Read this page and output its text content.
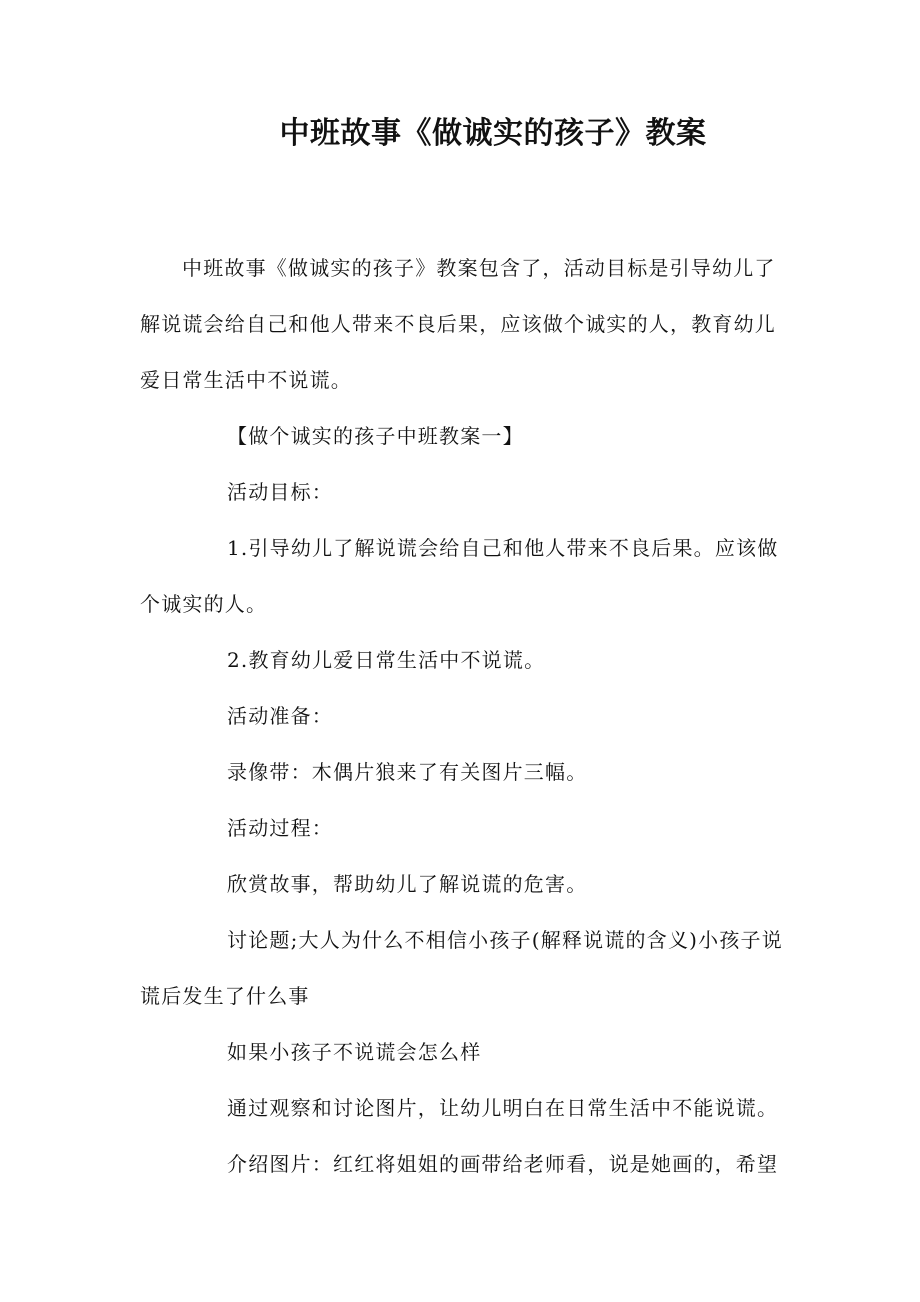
中班故事《做诚实的孩子》教案

中班故事《做诚实的孩子》教案包含了，活动目标是引导幼儿了解说谎会给自己和他人带来不良后果，应该做个诚实的人，教育幼儿爱日常生活中不说谎。

【做个诚实的孩子中班教案一】

活动目标：

1.引导幼儿了解说谎会给自己和他人带来不良后果。应该做个诚实的人。

2.教育幼儿爱日常生活中不说谎。

活动准备：

录像带：木偶片狼来了有关图片三幅。

活动过程：

欣赏故事，帮助幼儿了解说谎的危害。

讨论题;大人为什么不相信小孩子(解释说谎的含义)小孩子说谎后发生了什么事

如果小孩子不说谎会怎么样

通过观察和讨论图片，让幼儿明白在日常生活中不能说谎。

介绍图片：红红将姐姐的画带给老师看，说是她画的，希望
